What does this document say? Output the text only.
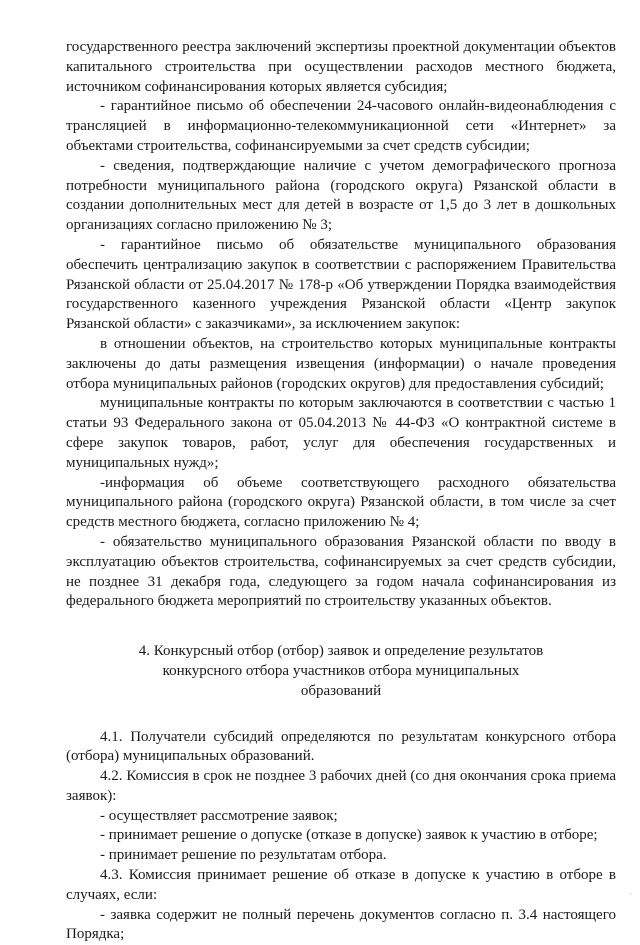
государственного реестра заключений экспертизы проектной документации объектов капитального строительства при осуществлении расходов местного бюджета, источником софинансирования которых является субсидия;

- гарантийное письмо об обеспечении 24-часового онлайн-видеонаблюдения с трансляцией в информационно-телекоммуникационной сети «Интернет» за объектами строительства, софинансируемыми за счет средств субсидии;

- сведения, подтверждающие наличие с учетом демографического прогноза потребности муниципального района (городского округа) Рязанской области в создании дополнительных мест для детей в возрасте от 1,5 до 3 лет в дошкольных организациях согласно приложению № 3;

- гарантийное письмо об обязательстве муниципального образования обеспечить централизацию закупок в соответствии с распоряжением Правительства Рязанской области от 25.04.2017 № 178-р «Об утверждении Порядка взаимодействия государственного казенного учреждения Рязанской области «Центр закупок Рязанской области» с заказчиками», за исключением закупок:

в отношении объектов, на строительство которых муниципальные контракты заключены до даты размещения извещения (информации) о начале проведения отбора муниципальных районов (городских округов) для предоставления субсидий;

муниципальные контракты по которым заключаются в соответствии с частью 1 статьи 93 Федерального закона от 05.04.2013 № 44-ФЗ «О контрактной системе в сфере закупок товаров, работ, услуг для обеспечения государственных и муниципальных нужд»;

-информация об объеме соответствующего расходного обязательства муниципального района (городского округа) Рязанской области, в том числе за счет средств местного бюджета, согласно приложению № 4;

- обязательство муниципального образования Рязанской области по вводу в эксплуатацию объектов строительства, софинансируемых за счет средств субсидии, не позднее 31 декабря года, следующего за годом начала софинансирования из федерального бюджета мероприятий по строительству указанных объектов.

4. Конкурсный отбор (отбор) заявок и определение результатов
конкурсного отбора участников отбора муниципальных
образований

4.1. Получатели субсидий определяются по результатам конкурсного отбора (отбора) муниципальных образований.

4.2. Комиссия в срок не позднее 3 рабочих дней (со дня окончания срока приема заявок):

- осуществляет рассмотрение заявок;

- принимает решение о допуске (отказе в допуске) заявок к участию в отборе;

- принимает решение по результатам отбора.

4.3. Комиссия принимает решение об отказе в допуске к участию в отборе в случаях, если:

- заявка содержит не полный перечень документов согласно п. 3.4 настоящего Порядка;

·
